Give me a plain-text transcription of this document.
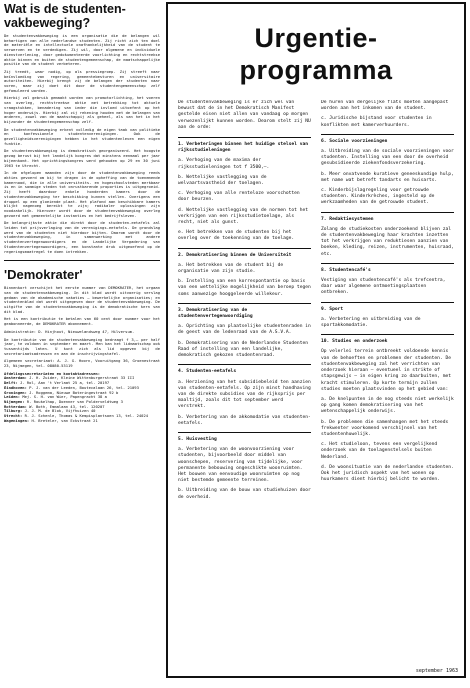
Wat is de studenten-vakbeweging?

De studentenvakbeweging is een organisatie die de belangen wil behartigen van alle nederlandse studenten. Zij richt zich ten doel de materiële en intellectuele onafhankelijkheid van de student te verwerven en te verdedigen. Zij wil, door algemene en individuele dienstverlening, door gedokumenteerde voorlichting en rechtstreekse aktie binnen en buiten de studentengemeenschap, de maatschappelijke positie van de student verbeteren.

Zij treedt, waar nodig, op als pressiegroep. Zij streeft naar beïnvloeding van regering, gemeentebesturen en universitaire autoriteiten. Hierbij brengt zij de belangen der studenten naar voren, maar zij doet dit door de studentengemeenschap zelf gefomuleerd worden.

Hierbij zal gebruik gemaakt worden van promotorlichting, het voeren van overleg, rechtstreekse aktie met betrekking tot aktuele vraagstukken, benadering van ieder die invloed uitoefent op het hoger onderwijs. Hierbij zal zij rekening houden met de belangen van anderen, zowel van de maatschappij als geheel, als van het in het bijzonder de studentengemeenschap zelf.

De studentenvakbeweging erkent volledig de eigen taak van politieke en konfessionele studentenverenigingen. Ook de gezelligheidsverenigingen hebben in het studentenleven een eigen funktie.

De studentenvakbeweging is demokratisch georganiseerd. Het hoogste gezag berust bij het landelijk kongres dat minstens eenmaal per jaar bijeenkomt. Het oprichtingskongres werd gehouden op 29 en 30 juni 1963 te Utrecht.

In de afgelopen maanden zijn door de studentenvakbeweging reeds akties gevoerd om bij te dragen in de opheffing van de toenemende kamernood, die in alle universiteits- en hogeschoolsteden merkbaar is en in sommige steden tot onrustbarende proporties is uitgegroeid. Zij heeft daardoor enkele honderden kamers door de studentenvakbeweging ter beschikking kunnen stellen. Overigens een druppel op een gloeiende plaat. Het plafond aan beschikbare kamers blijkt nagenoeg bereikt te zijn; radikaler oplossingen zijn noodzakelijk. Hierover wordt door de studentenvakbeweging overleg gevoerd met gemeentelijke instanties en het bedrijfsleven.

De belangrijkste aktie die direkt door de studenten-eetafels zal leiden tot prijsverlaging van de verenigings-eetafels. De grondslag werd van de studenten niet hierdoor bijten. Daarom wordt door de studentenvakbeweging, in samenwerking met andere studentenvertegenwoordigers en de Landelijke Vergadering van Studentenvertegenwoordigers, een konstante druk uitgeoefend op de regeringsmaatregel te doen intrekken.

'Demokrater'

Binnenkort verschijnt het eerste nummer van DEMOKRATER, het orgaan van de studentenvakbeweging. In dit blad wordt uitvoerig verslag gedaan van de akademische vakaties — bewerkelijke organisaties; en studentenblad dat wordt uitgegeven door de studentenvakbeweging. De uitgifte van de studentenvakbeweging is de demokratische kern van dit blad.

Het is een kontributie te betalen van 60 cent door nummer voor het geabonneerde, de DEMOKRATER abonnement.

Administratie: D. Hinjhout, Nieuwelandsweg 47, Hilversum.

De kontributie van de studentenvakbeweging bedraagt f 3,— per half jaar, te voldoen in september en maart. Men kan het lidmaatschap ook tussentijds laten. U kunt zich als lid opgeven bij de secretariaatsadressen en aan de inschrijvingstafel.

Algemeen secretariaat: A. J. G. Hoorn, Vooruitgang 36, Groenestraat 23, Nijmegen, tel. 08080-53119

Afdelingssecretariaten en kontaktadressen:
Amsterdam: J. H. Zuider, Kleine Wittenburgerstraat 33 III
Delft: J. Rol, Aan 't Verlaat 25 a, tel. 20197
Eindhoven: P. J. van der Leeden, Boutecalaan 26, tel. 21093
Groningen: J. Roggema, Nieuwe Boteringestraat 92 b
Leiden: Mej. S. H. van Wier, Papengracht 38 a
Nijmegen: R. Roukelhap, Doenner van Polderveldtweg 3
Rotterdam: W. Both, Emmalaan 43, tel. 120207
Tilburg: J. J. M. de Blok, Vijfhuizen 40
Utrecht: R. J. Schenle, Thomas & Kempisplantsoen 13, tel. 24024
Wageningen: H. Breteler, van Eckstraat 21
Urgentie-
programma
De studentenvakbeweging is er zich wel van bewust dat de in het Demokratisch Manifest gestelde eisen niet allen van vandaag op morgen verwezenlijkt kunnen worden. Dearom stelt zij NU aan de orde:
1. Verbeteringen binnen het huidige stelsel van rijksstudieleningen

a. Verhoging van de maxima der rijksstudieleningen tot f 3500,—.

b. Wettelijke vastlegging van de welvaartsvastheid der toelagen.

c. Verhoging van alle renteloze voorschotten door beurzen.

d. Wettelijke vastlegging van de normen tot het verkrijgen van een rijksstudietoelage, als recht, niet als gunst.

e. Het betrekken van de studenten bij het overleg over de toekenning van de toelage.

2. Demokratisering binnen de Universiteit

a. Het betrekken van de student bij de organisatie van zijn studie.

b. Instelling van een korrespontantie op basis van een wettelijke mogelijkheid van beroep tegen soms aanwezige hooggeleerde willekeur.

3. Demokratisering van de studentenvertegenwoordiging

a. Oprichting van plaatselijke studentenraden in de geest van de ledenraad van de A.S.V.A.

b. Demokratisering van de Nederlandse Studenten Raad of instelling van een landelijke, demokratisch gekozen studentenraad.

4. Studenten-eetafels

a. Herziening van het subsidiebeleid ten aanzien van studenten-eetafels. Op zijn minst handhaving van de direkte subsidies van de rijksprijs per maaltijd, zoals dit tot september werd verstrekt.

b. Verbetering van de akkomodatie van studenten-eetafels.

5. Huisvesting

a. Verbetering van de woonvoorziening voor studenten, bijvoorbeeld door middel van woonschepen, reservering van tijdelijke, voor permanente bebouwing ongeschikte woonruimten. Het bouwen van eenvoudige woonruimten op nog niet bestemde gemeente terreinen.

b. Uitbreiding van de bouw van studiehuizen door de overheid.

De huren van dergelijke flats moeten aangepast worden aan het inkomen van de student.

c. Juridische bijstand voor studenten in konflikten met kamerverhuurders.

6. Sociale voorzieningen

a. Uitbreiding van de sociale voorzieningen voor studenten. Instelling van een door de overheid gesubsidieerde ziekenfondsverzekering.

b. Meer onvatvende kuratieve geneeskundige hulp, met name wat betreft tandarts en huisarts.

c. Kinderbijslagregeling voor getrouwde studenten. Kinderkrèches, ingesteld op de werkzaamheden van de getrouwde student.

7. Redaktiesystemen

Zolang de studiekosten onderzoekend blijven zal de studentenvakbeweging haar krachten inzetten tot het verkrijgen van reduktiesen aanzien van boeken, kleding, reizen, instrumenten, huisraad, etc.

8. Studentencafé's

Vestiging van studentencafé's als trefcentra, daar waar algemene ontmoetingsplaatsen ontbreken.

9. Sport

a. Verbetering en uitbreiding van de sportakkomodatie.

10. Studies en onderzoek

Op velerlei terrein ontbreekt voldoende kennis van de behoeften en problemen der studenten. De studentenvakbeweging zal het verrichten van onderzoek hieraan — eventueel in strikte of stapsgewijs — in eigen kring zo daarbuiten, met kracht stimuleren. Op korte termijn zullen studies moeten plaatsvinden op het gebied van:

a. De knelpunten in de nog steeds niet werkelijk op gang komen demokratisering van het wetenschappelijk onderwijs.

b. De problemen die samenhangen met het steeds frekwenter voorkomend verschijnsel van het studentenhuwelijk.

c. Het studieloon, tevens een vergelijkend onderzoek van de toelagenstelsels buiten Nederland.

d. De woonsituatie van de nederlandse studenten. Ook het juridisch aspekt van het wonen op huurkamers dient hierbij belicht te worden.

september 1963
